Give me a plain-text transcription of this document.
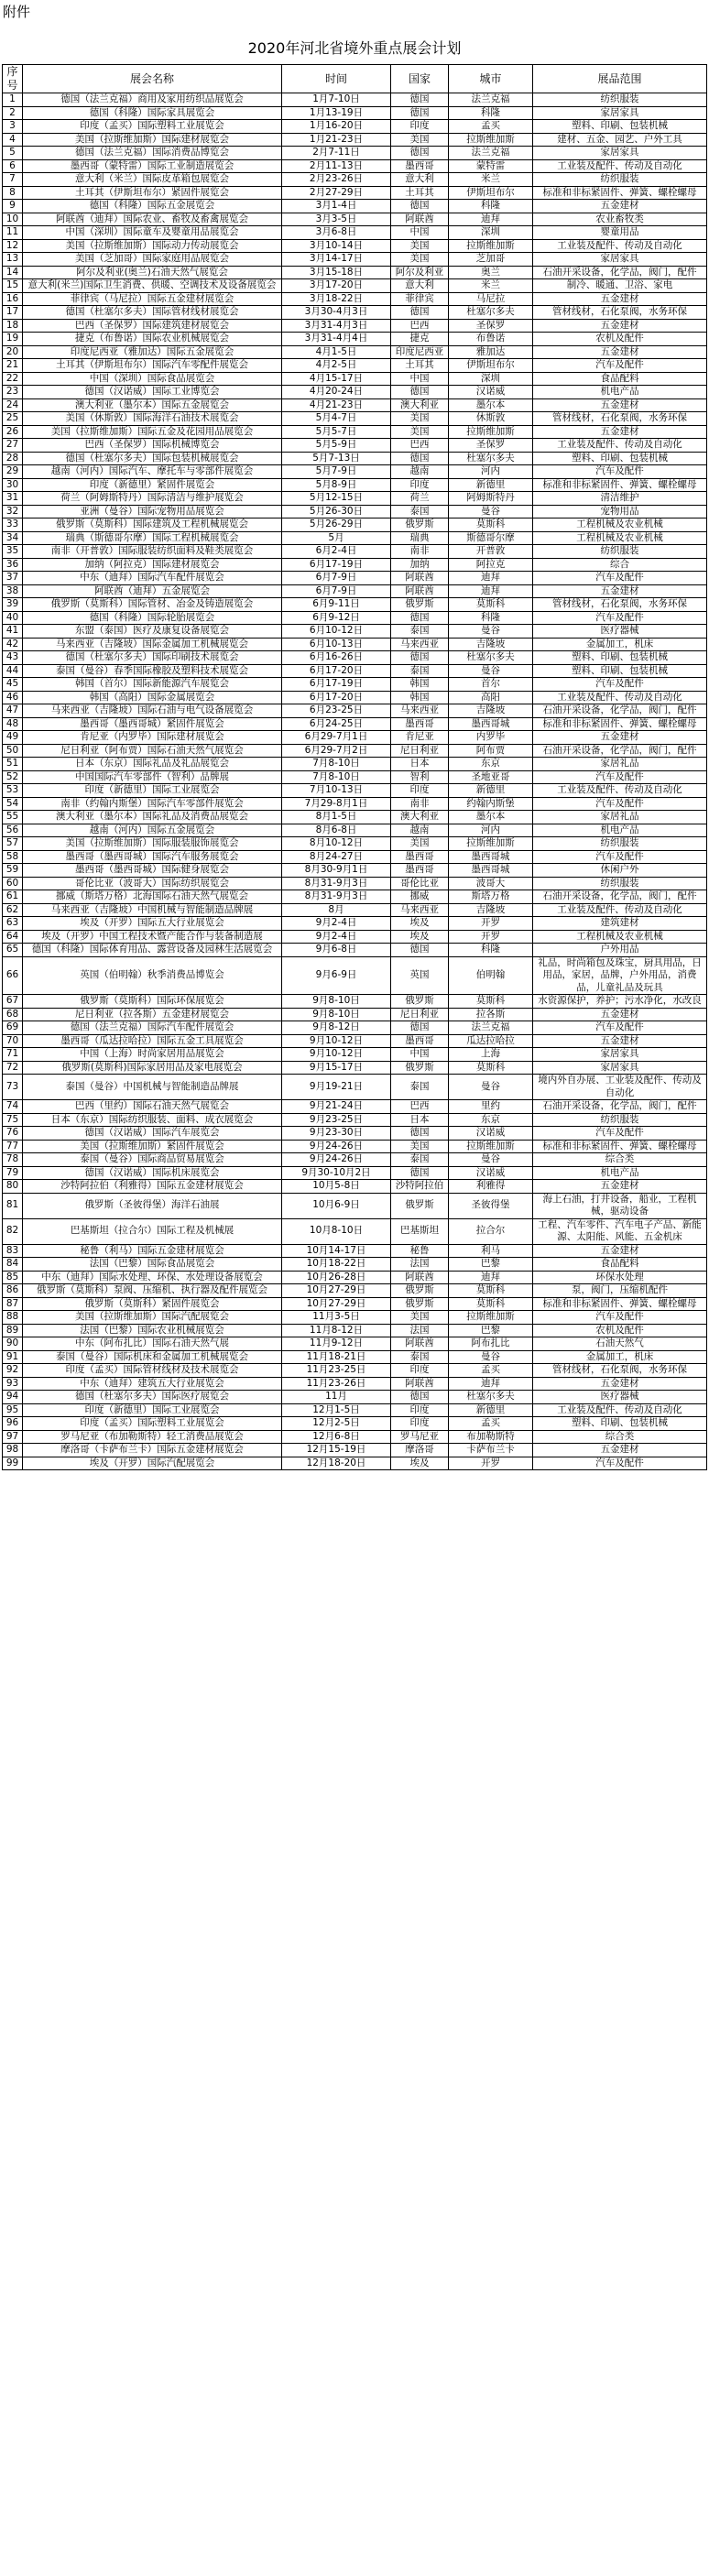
附件
2020年河北省境外重点展会计划
序号	展会名称	时间	国家	城市	展品范围
1	德国（法兰克福）商用及家用纺织品展览会	1月7-10日	德国	法兰克福	纺织服装
2	德国（科隆）国际家具展览会	1月13-19日	德国	科隆	家居家具
3	印度（孟买）国际塑料工业展览会	1月16-20日	印度	孟买	塑料、印刷、包装机械
4	美国（拉斯维加斯）国际建材展览会	1月21-23日	美国	拉斯维加斯	建材、五金、园艺、户外工具
5	德国（法兰克福）国际消费品博览会	2月7-11日	德国	法兰克福	家居家具
6	墨西哥（蒙特雷）国际工业制造展览会	2月11-13日	墨西哥	蒙特雷	工业装及配件、传动及自动化
7	意大利（米兰）国际皮革箱包展览会	2月23-26日	意大利	米兰	纺织服装
8	土耳其（伊斯坦布尔）紧固件展览会	2月27-29日	土耳其	伊斯坦布尔	标准和非标紧固件、弹簧、螺栓螺母
9	德国（科隆）国际五金展览会	3月1-4日	德国	科隆	五金建材
10	阿联酋（迪拜）国际农业、畜牧及畜禽展览会	3月3-5日	阿联酋	迪拜	农业畜牧类
11	中国（深圳）国际童车及婴童用品展览会	3月6-8日	中国	深圳	婴童用品
12	美国（拉斯维加斯）国际动力传动展览会	3月10-14日	美国	拉斯维加斯	工业装及配件、传动及自动化
13	美国（芝加哥）国际家庭用品展览会	3月14-17日	美国	芝加哥	家居家具
14	阿尔及利亚(奥兰)石油天然气展览会	3月15-18日	阿尔及利亚	奥兰	石油开采设备，化学品，阀门，配件
15	意大利(米兰)国际卫生消费、供暖、空调技术及设备展览会	3月17-20日	意大利	米兰	制冷、暖通、卫浴、家电
16	菲律宾（马尼拉）国际五金建材展览会	3月18-22日	菲律宾	马尼拉	五金建材
17	德国（杜塞尔多夫）国际管材线材展览会	3月30-4月3日	德国	杜塞尔多夫	管材线材，石化泵阀，水务环保
18	巴西（圣保罗）国际建筑建材展览会	3月31-4月3日	巴西	圣保罗	五金建材
19	捷克（布鲁诺）国际农业机械展览会	3月31-4月4日	捷克	布鲁诺	农机及配件
20	印度尼西亚（雅加达）国际五金展览会	4月1-5日	印度尼西亚	雅加达	五金建材
21	土耳其（伊斯坦布尔）国际汽车零配件展览会	4月2-5日	土耳其	伊斯坦布尔	汽车及配件
22	中国（深圳）国际食品展览会	4月15-17日	中国	深圳	食品配料
23	德国（汉诺威）国际工业博览会	4月20-24日	德国	汉诺威	机电产品
24	澳大利亚（墨尔本）国际五金展览会	4月21-23日	澳大利亚	墨尔本	五金建材
25	美国（休斯敦）国际海洋石油技术展览会	5月4-7日	美国	休斯敦	管材线材，石化泵阀，水务环保
26	美国（拉斯维加斯）国际五金及花园用品展览会	5月5-7日	美国	拉斯维加斯	五金建材
27	巴西（圣保罗）国际机械博览会	5月5-9日	巴西	圣保罗	工业装及配件、传动及自动化
28	德国（杜塞尔多夫）国际包装机械展览会	5月7-13日	德国	杜塞尔多夫	塑料、印刷、包装机械
29	越南（河内）国际汽车、摩托车与零部件展览会	5月7-9日	越南	河内	汽车及配件
30	印度（新德里）紧固件展览会	5月8-9日	印度	新德里	标准和非标紧固件、弹簧、螺栓螺母
31	荷兰（阿姆斯特丹）国际清洁与维护展览会	5月12-15日	荷兰	阿姆斯特丹	清洁维护
32	亚洲（曼谷）国际宠物用品展览会	5月26-30日	泰国	曼谷	宠物用品
33	俄罗斯（莫斯科）国际建筑及工程机械展览会	5月26-29日	俄罗斯	莫斯科	工程机械及农业机械
34	瑞典（斯德哥尔摩）国际工程机械展览会	5月	瑞典	斯德哥尔摩	工程机械及农业机械
35	南非（开普敦）国际服装纺织面料及鞋类展览会	6月2-4日	南非	开普敦	纺织服装
36	加纳（阿拉克）国际建材展览会	6月17-19日	加纳	阿拉克	综合
37	中东（迪拜）国际汽车配件展览会	6月7-9日	阿联酋	迪拜	汽车及配件
38	阿联酋（迪拜）五金展览会	6月7-9日	阿联酋	迪拜	五金建材
39	俄罗斯（莫斯科）国际管材、冶金及铸造展览会	6月9-11日	俄罗斯	莫斯科	管材线材，石化泵阀，水务环保
40	德国（科隆）国际轮胎展览会	6月9-12日	德国	科隆	汽车及配件
41	东盟（泰国）医疗及康复设备展览会	6月10-12日	泰国	曼谷	医疗器械
42	马来西亚（吉隆坡）国际金属加工机械展览会	6月10-13日	马来西亚	吉隆坡	金属加工，机床
43	德国（杜塞尔多夫）国际印刷技术展览会	6月16-26日	德国	杜塞尔多夫	塑料、印刷、包装机械
44	泰国（曼谷）春季国际橡胶及塑料技术展览会	6月17-20日	泰国	曼谷	塑料、印刷、包装机械
45	韩国（首尔）国际新能源汽车展览会	6月17-19日	韩国	首尔	汽车及配件
46	韩国（高阳）国际金属展览会	6月17-20日	韩国	高阳	工业装及配件、传动及自动化
47	马来西亚（吉隆坡）国际石油与电气设备展览会	6月23-25日	马来西亚	吉隆坡	石油开采设备，化学品，阀门，配件
48	墨西哥（墨西哥城）紧固件展览会	6月24-25日	墨西哥	墨西哥城	标准和非标紧固件、弹簧、螺栓螺母
49	肯尼亚（内罗毕）国际建材展览会	6月29-7月1日	肯尼亚	内罗毕	五金建材
50	尼日利亚（阿布贾）国际石油天然气展览会	6月29-7月2日	尼日利亚	阿布贾	石油开采设备，化学品，阀门，配件
51	日本（东京）国际礼品及礼品展览会	7月8-10日	日本	东京	家居礼品
52	中国国际汽车零部件（智利）品牌展	7月8-10日	智利	圣地亚哥	汽车及配件
53	印度（新德里）国际工业展览会	7月10-13日	印度	新德里	工业装及配件、传动及自动化
54	南非（约翰内斯堡）国际汽车零部件展览会	7月29-8月1日	南非	约翰内斯堡	汽车及配件
55	澳大利亚（墨尔本）国际礼品及消费品展览会	8月1-5日	澳大利亚	墨尔本	家居礼品
56	越南（河内）国际五金展览会	8月6-8日	越南	河内	机电产品
57	美国（拉斯维加斯）国际服装服饰展览会	8月10-12日	美国	拉斯维加斯	纺织服装
58	墨西哥（墨西哥城）国际汽车服务展览会	8月24-27日	墨西哥	墨西哥城	汽车及配件
59	墨西哥（墨西哥城）国际健身展览会	8月30-9月1日	墨西哥	墨西哥城	休闲户外
60	哥伦比亚（波哥大）国际纺织展览会	8月31-9月3日	哥伦比亚	波哥大	纺织服装
61	挪威（斯塔万格）北海国际石油天然气展览会	8月31-9月3日	挪威	斯塔万格	石油开采设备，化学品，阀门，配件
62	马来西亚（吉隆坡）中国机械与智能制造品牌展	8月	马来西亚	吉隆坡	工业装及配件、传动及自动化
63	埃及（开罗）国际五大行业展览会	9月2-4日	埃及	开罗	建筑建材
64	埃及（开罗）中国工程技术暨产能合作与装备制造展	9月2-4日	埃及	开罗	工程机械及农业机械
65	德国（科隆）国际体育用品、露营设备及园林生活展览会	9月6-8日	德国	科隆	户外用品
66	英国（伯明翰）秋季消费品博览会	9月6-9日	英国	伯明翰	礼品，时尚箱包及珠宝，厨具用品，日用品，家居，品牌，户外用品，消费品，儿童礼品及玩具
67	俄罗斯（莫斯科）国际环保展览会	9月8-10日	俄罗斯	莫斯科	水资源保护，养护；污水净化，水改良
68	尼日利亚（拉各斯）五金建材展览会	9月8-10日	尼日利亚	拉各斯	五金建材
69	德国（法兰克福）国际汽车配件展览会	9月8-12日	德国	法兰克福	汽车及配件
70	墨西哥（瓜达拉哈拉）国际五金工具展览会	9月10-12日	墨西哥	瓜达拉哈拉	五金建材
71	中国（上海）时尚家居用品展览会	9月10-12日	中国	上海	家居家具
72	俄罗斯(莫斯科)国际家居用品及家电展览会	9月15-17日	俄罗斯	莫斯科	家居家具
73	泰国（曼谷）中国机械与智能制造品牌展	9月19-21日	泰国	曼谷	境内外自办展、工业装及配件、传动及自动化
74	巴西（里约）国际石油天然气展览会	9月21-24日	巴西	里约	石油开采设备，化学品，阀门，配件
75	日本（东京）国际纺织服装、面料、成衣展览会	9月23-25日	日本	东京	纺织服装
76	德国（汉诺威）国际汽车展览会	9月23-30日	德国	汉诺威	汽车及配件
77	美国（拉斯维加斯）紧固件展览会	9月24-26日	美国	拉斯维加斯	标准和非标紧固件、弹簧、螺栓螺母
78	泰国（曼谷）国际商品贸易展览会	9月24-26日	泰国	曼谷	综合类
79	德国（汉诺威）国际机床展览会	9月30-10月2日	德国	汉诺威	机电产品
80	沙特阿拉伯（利雅得）国际五金建材展览会	10月5-8日	沙特阿拉伯	利雅得	五金建材
81	俄罗斯（圣彼得堡）海洋石油展	10月6-9日	俄罗斯	圣彼得堡	海上石油，打井设备，船业，工程机械，驱动设备
82	巴基斯坦（拉合尔）国际工程及机械展	10月8-10日	巴基斯坦	拉合尔	工程、汽车零件、汽车电子产品、新能源、太阳能、风能、五金机床
83	秘鲁（利马）国际五金建材展览会	10月14-17日	秘鲁	利马	五金建材
84	法国（巴黎）国际食品展览会	10月18-22日	法国	巴黎	食品配料
85	中东（迪拜）国际水处理、环保、水处理设备展览会	10月26-28日	阿联酋	迪拜	环保水处理
86	俄罗斯（莫斯科）泵阀、压缩机、执行器及配件展览会	10月27-29日	俄罗斯	莫斯科	泵，阀门，压缩机配件
87	俄罗斯（莫斯科）紧固件展览会	10月27-29日	俄罗斯	莫斯科	标准和非标紧固件、弹簧、螺栓螺母
88	美国（拉斯维加斯）国际汽配展览会	11月3-5日	美国	拉斯维加斯	汽车及配件
89	法国（巴黎）国际农业机械展览会	11月8-12日	法国	巴黎	农机及配件
90	中东（阿布扎比）国际石油天然气展	11月9-12日	阿联酋	阿布扎比	石油天然气
91	泰国（曼谷）国际机床和金属加工机械展览会	11月18-21日	泰国	曼谷	金属加工，机床
92	印度（孟买）国际管材线材及技术展览会	11月23-25日	印度	孟买	管材线材，石化泵阀，水务环保
93	中东（迪拜）建筑五大行业展览会	11月23-26日	阿联酋	迪拜	五金建材
94	德国（杜塞尔多夫）国际医疗展览会	11月	德国	杜塞尔多夫	医疗器械
95	印度（新德里）国际工业展览会	12月1-5日	印度	新德里	工业装及配件、传动及自动化
96	印度（孟买）国际塑料工业展览会	12月2-5日	印度	孟买	塑料、印刷、包装机械
97	罗马尼亚（布加勒斯特）轻工消费品展览会	12月6-8日	罗马尼亚	布加勒斯特	综合类
98	摩洛哥（卡萨布兰卡）国际五金建材展览会	12月15-19日	摩洛哥	卡萨布兰卡	五金建材
99	埃及（开罗）国际汽配展览会	12月18-20日	埃及	开罗	汽车及配件
